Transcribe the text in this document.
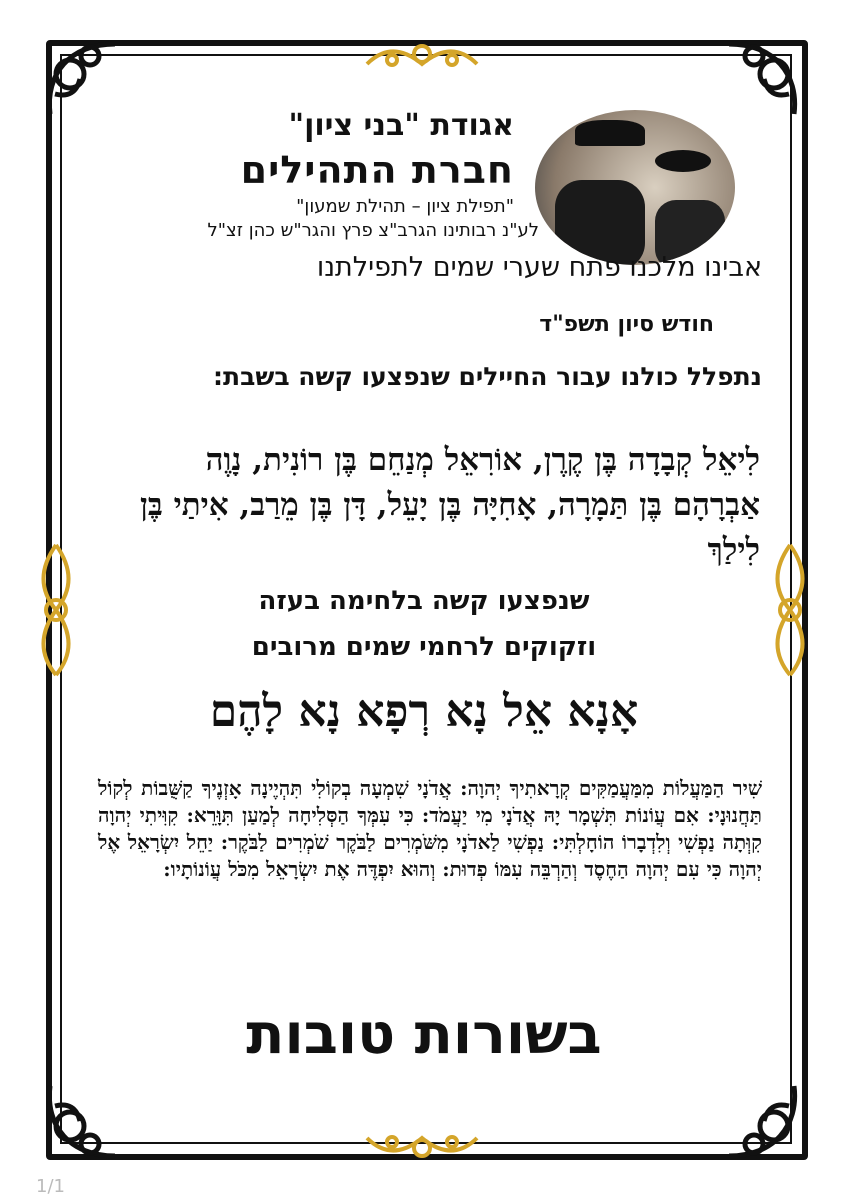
אגודת "בני ציון"
חברת התהילים
"תפילת ציון – תהילת שמעון"
לע"נ רבותינו הגרב"צ פרץ והגר"ש כהן זצ"ל
אבינו מלכנו פתח שערי שמים לתפילתנו
חודש סיון תשפ"ד
נתפלל כולנו עבור החיילים שנפצעו קשה בשבת:
לִיאֵל קְבָדָה בֶּן קֶרֶן, אוֹרִאֵל מְנַחֵם בֶּן רוֹנִית, נָוֶה אַבְרָהָם בֶּן תַּמָרָה, אָחִיָּה בֶּן יָעֵל, דָּן בֶּן מֵרַב, אִיתַי בֶּן לִילַךְ
שנפצעו קשה בלחימה בעזה
וזקוקים לרחמי שמים מרובים
אָנָא אֵל נָא רְפָא נָא לָהֶם
שִׁיר הַמַּעֲלוֹת מִמַּעֲמַקִּים קְרָאתִיךָ יְהוָה: אֲדֹנָי שִׁמְעָה בְקוֹלִי תִּהְיֶינָה אָזְנֶיךָ קַשֻּׁבוֹת לְקוֹל תַּחֲנוּנָי: אִם עֲוֹנוֹת תִּשְׁמָר יָהּ אֲדֹנָי מִי יַעֲמֹד: כִּי עִמְּךָ הַסְּלִיחָה לְמַעַן תִּוָּרֵא: קִוִּיתִי יְהוָה קִוְּתָה נַפְשִׁי וְלִדְבָרוֹ הוֹחָלְתִּי: נַפְשִׁי לַאדֹנָי מִשֹּׁמְרִים לַבֹּקֶר שֹׁמְרִים לַבֹּקֶר: יַחֵל יִשְׂרָאֵל אֶל יְהוָה כִּי עִם יְהוָה הַחֶסֶד וְהַרְבֵּה עִמּוֹ פְדוּת: וְהוּא יִפְדֶּה אֶת יִשְׂרָאֵל מִכֹּל עֲוֹנוֹתָיו:
בשורות טובות
1/1
